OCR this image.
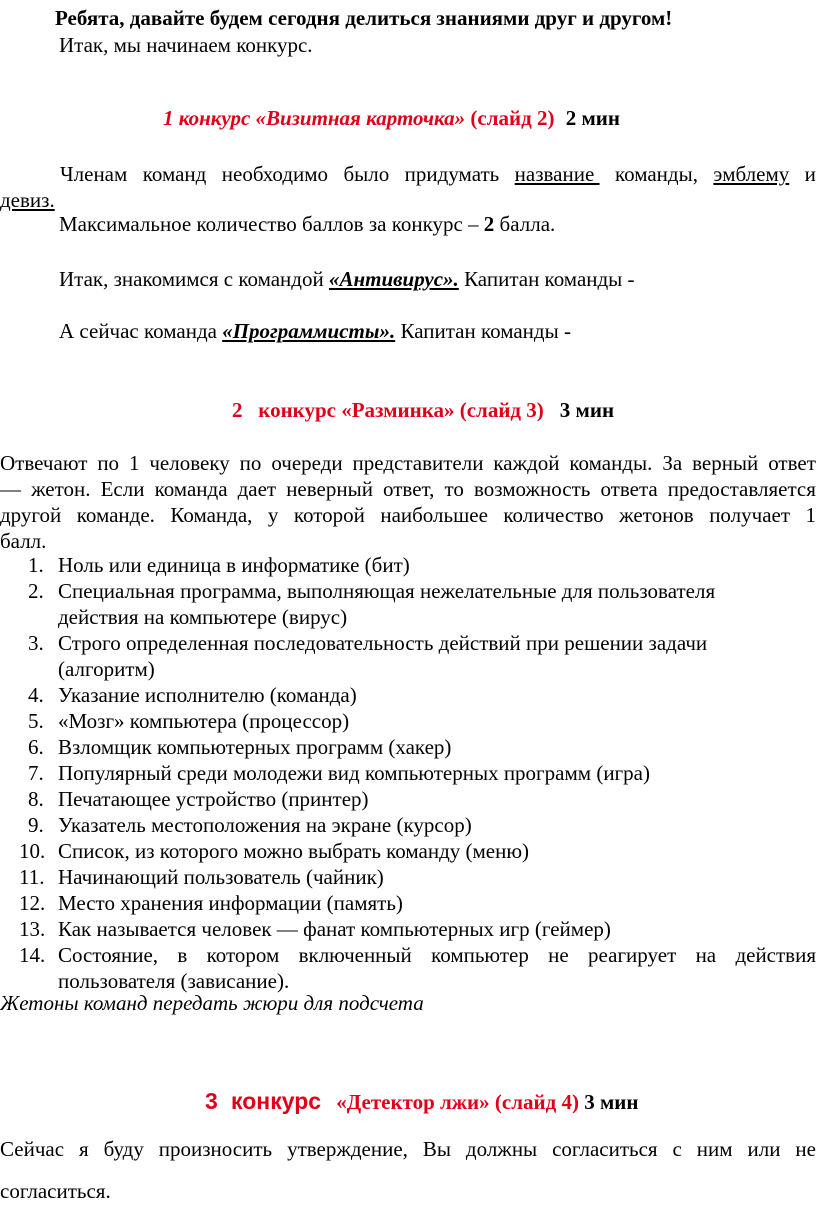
Ребята, давайте будем сегодня делиться знаниями друг и другом!
Итак, мы начинаем конкурс.
1 конкурс «Визитная карточка» (слайд 2) 2 мин
Членам команд необходимо было придумать название команды, эмблему и
девиз.
Максимальное количество баллов за конкурс – 2 балла.
Итак, знакомимся с командой «Антивирус». Капитан команды -
А сейчас команда «Программисты». Капитан команды -
2   конкурс «Разминка» (слайд 3) 3 мин
Отвечают по 1 человеку по очереди представители каждой команды. За верный ответ
— жетон. Если команда дает неверный ответ, то возможность ответа предоставляется
другой команде. Команда, у которой наибольшее количество жетонов получает 1
балл.
1. Ноль или единица в информатике (бит)
2. Специальная программа, выполняющая нежелательные для пользователя
действия на компьютере (вирус)
3. Строго определенная последовательность действий при решении задачи
(алгоритм)
4. Указание исполнителю (команда)
5. «Мозг» компьютера (процессор)
6. Взломщик компьютерных программ (хакер)
7. Популярный среди молодежи вид компьютерных программ (игра)
8. Печатающее устройство (принтер)
9. Указатель местоположения на экране (курсор)
10. Список, из которого можно выбрать команду (меню)
11. Начинающий пользователь (чайник)
12. Место хранения информации (память)
13. Как называется человек — фанат компьютерных игр (геймер)
14. Состояние, в котором включенный компьютер не реагирует на действия
пользователя (зависание).
Жетоны команд передать жюри для подсчета
3 конкурс «Детектор лжи» (слайд 4) 3 мин
Сейчас я буду произносить утверждение, Вы должны согласиться с ним или не
согласиться.
